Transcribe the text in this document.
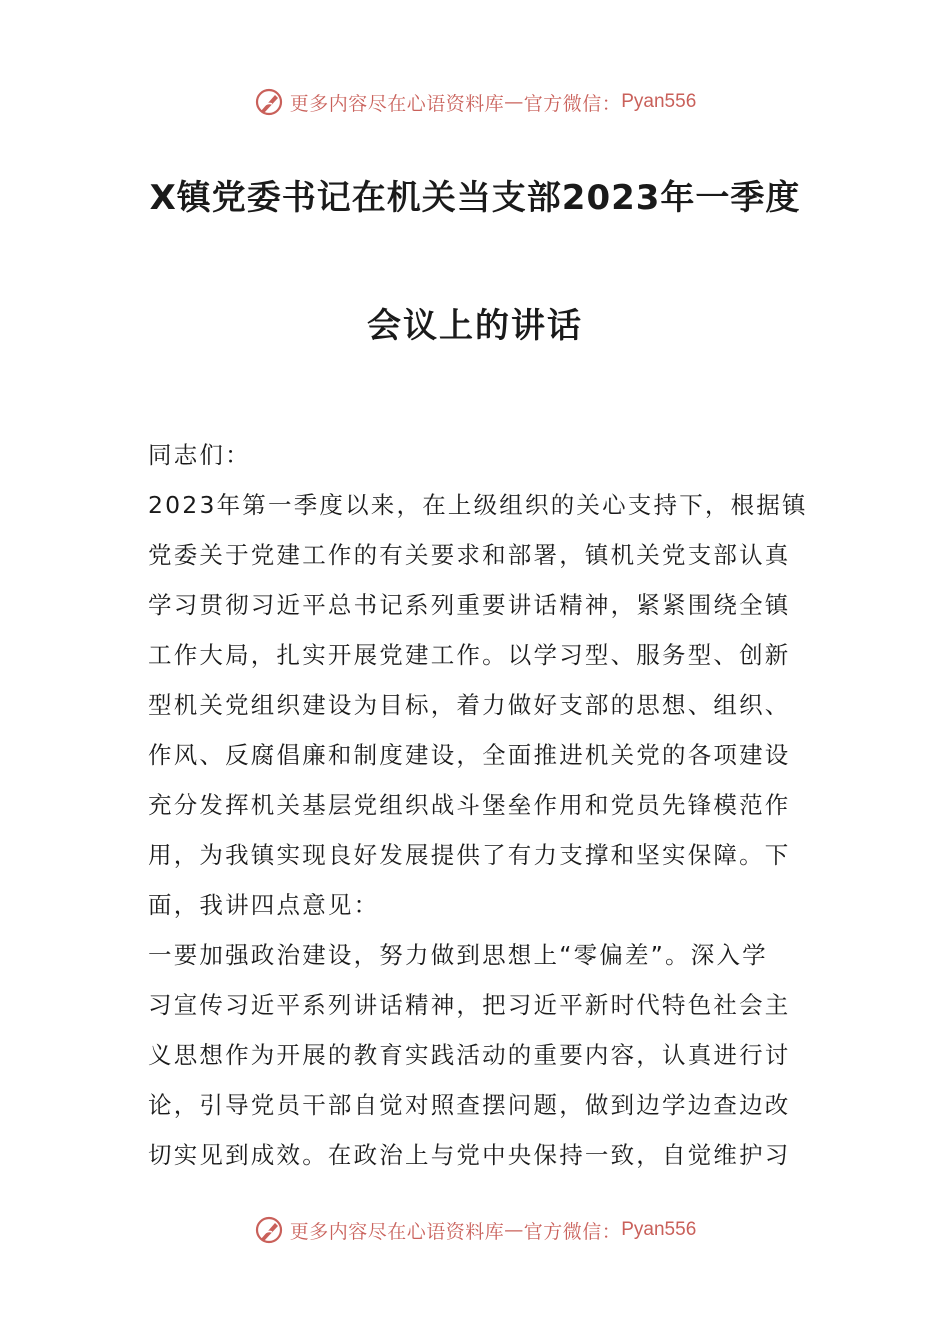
更多内容尽在心语资料库 — 官方微信： Pyan556
X镇党委书记在机关当支部2023年一季度
会议上的讲话
同志们：
2023年第一季度以来，在上级组织的关心支持下，根据镇
党委关于党建工作的有关要求和部署，镇机关党支部认真
学习贯彻习近平总书记系列重要讲话精神，紧紧围绕全镇
工作大局，扎实开展党建工作。以学习型、服务型、创新
型机关党组织建设为目标，着力做好支部的思想、组织、
作风、反腐倡廉和制度建设，全面推进机关党的各项建设
充分发挥机关基层党组织战斗堡垒作用和党员先锋模范作
用，为我镇实现良好发展提供了有力支撑和坚实保障。下
面，我讲四点意见：
一要加强政治建设，努力做到思想上“零偏差”。深入学
习宣传习近平系列讲话精神，把习近平新时代特色社会主
义思想作为开展的教育实践活动的重要内容，认真进行讨
论，引导党员干部自觉对照查摆问题，做到边学边查边改
切实见到成效。在政治上与党中央保持一致，自觉维护习
更多内容尽在心语资料库 — 官方微信： Pyan556
